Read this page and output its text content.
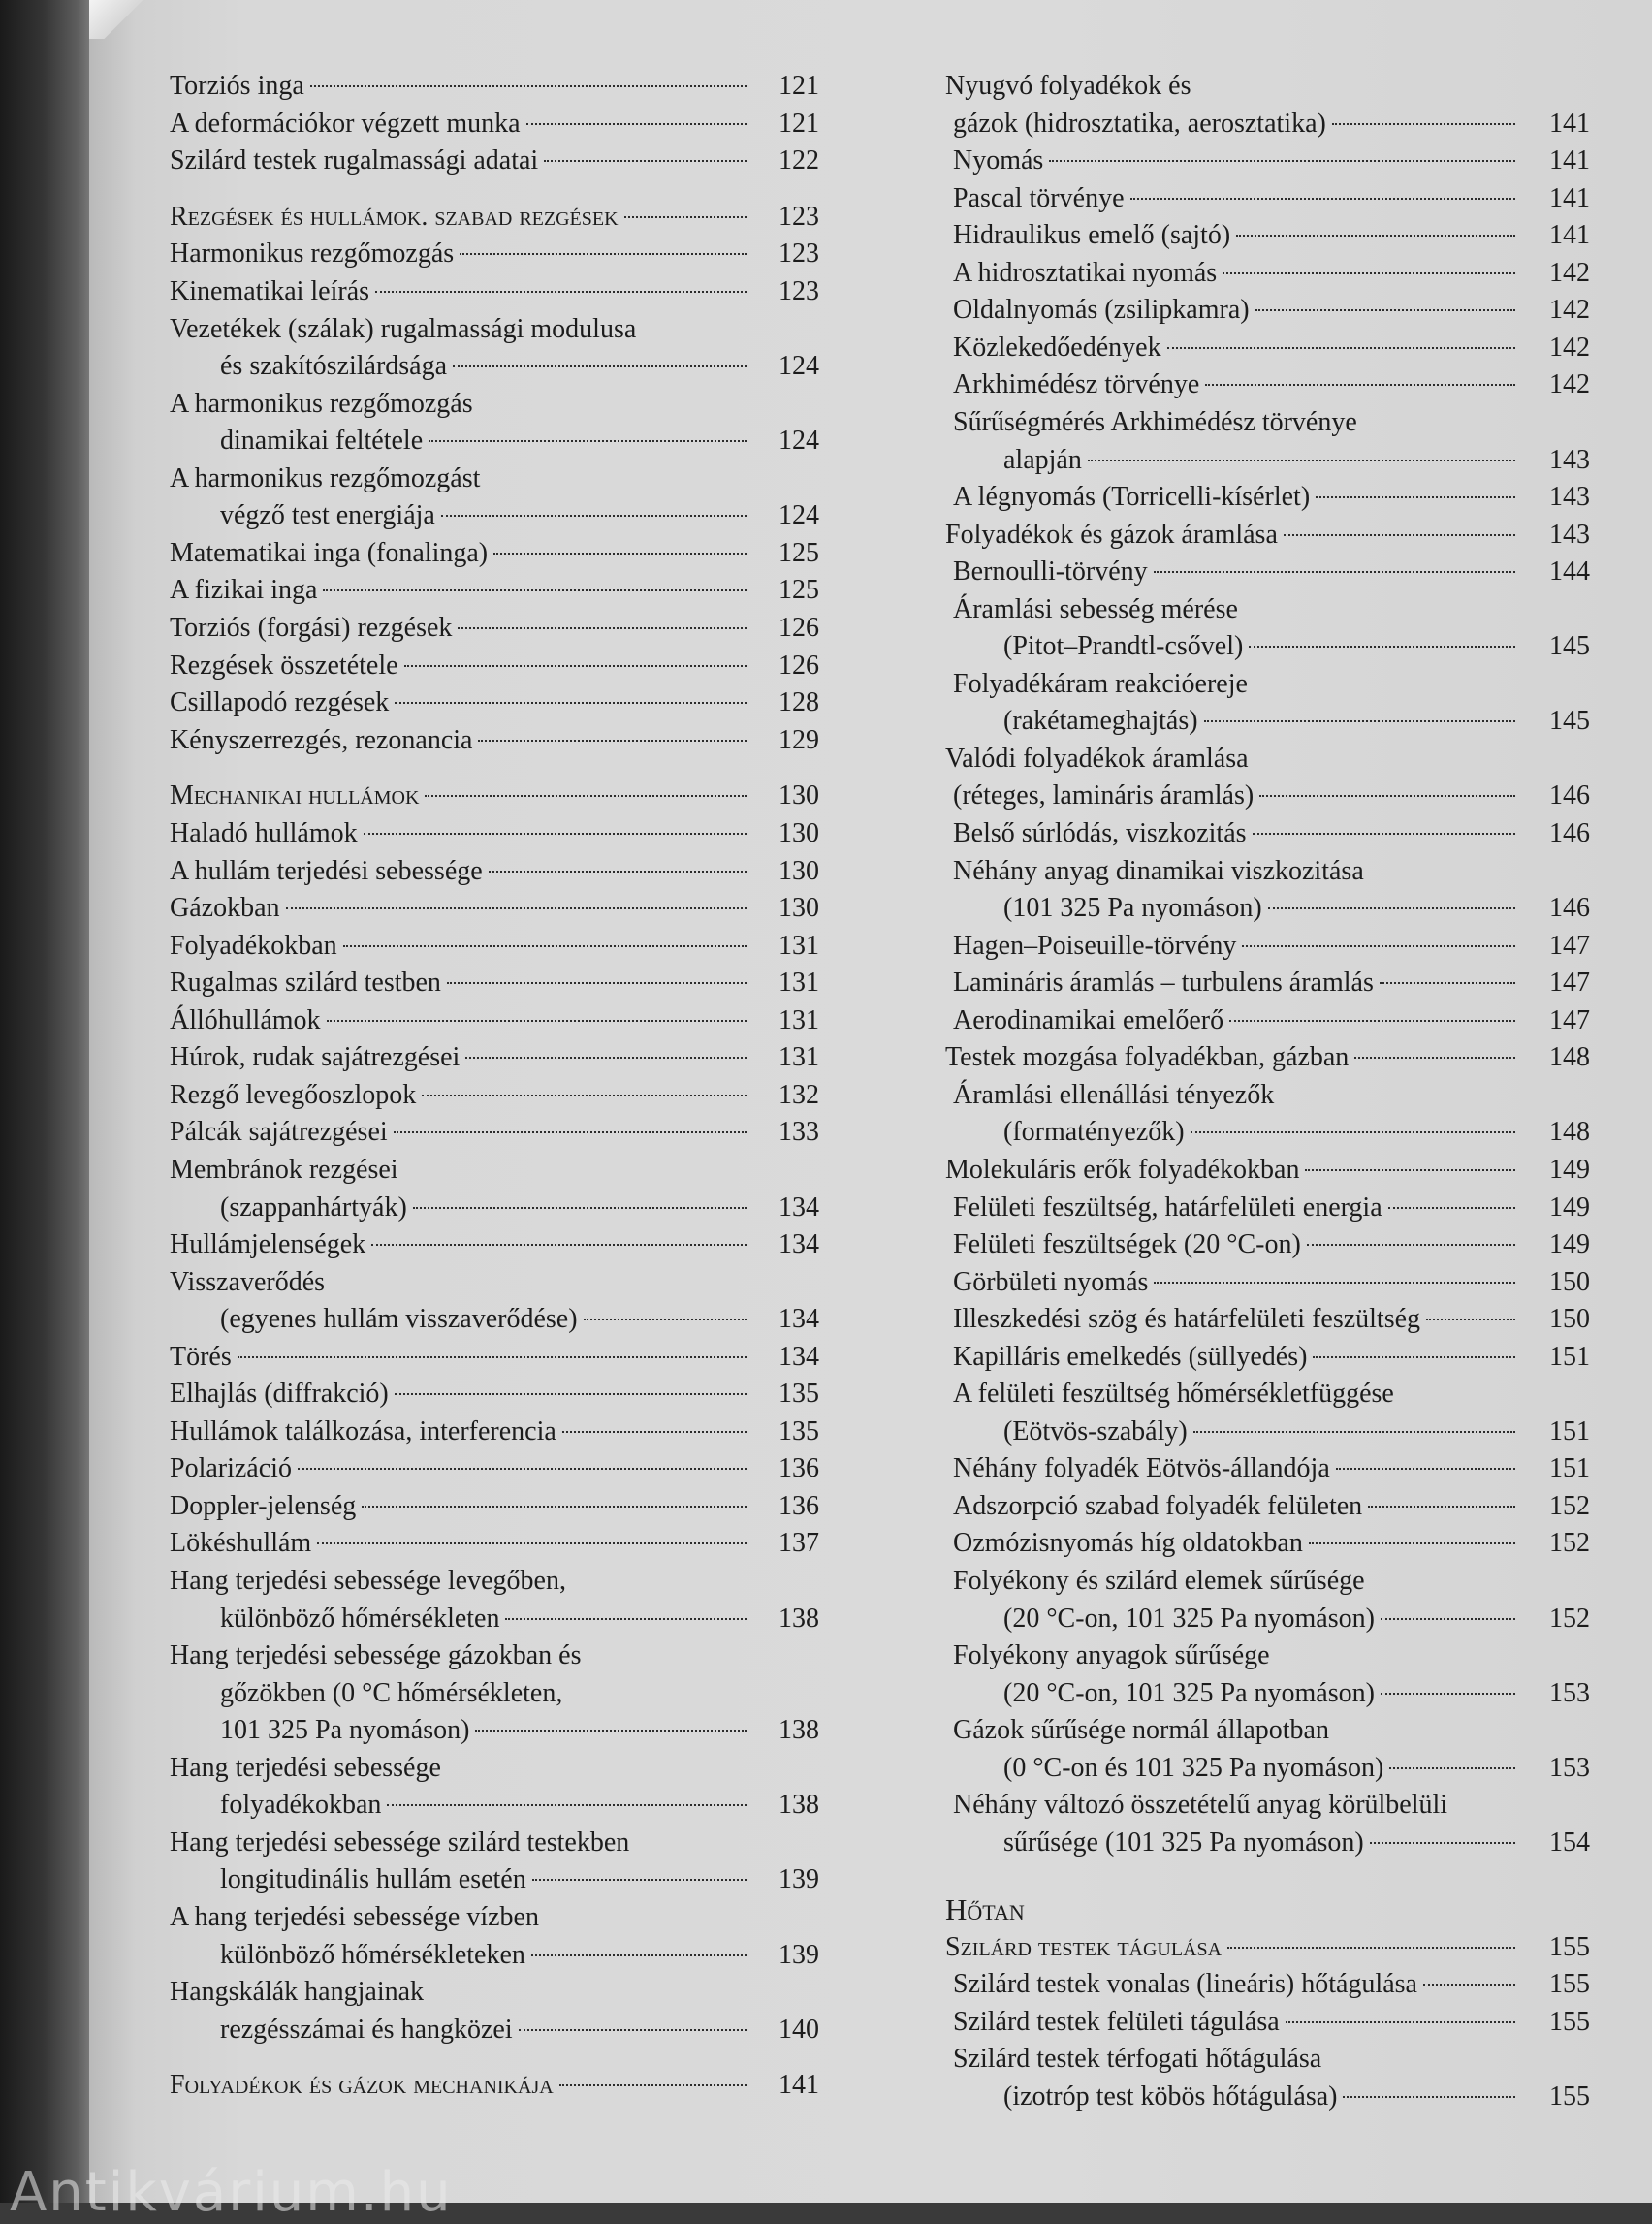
Torziós inga	121
A deformációkor végzett munka	121
Szilárd testek rugalmassági adatai	122
Rezgések és hullámok. szabad rezgések	123
Harmonikus rezgőmozgás	123
Kinematikai leírás	123
Vezetékek (szálak) rugalmassági modulusa
és szakítószilárdsága	124
A harmonikus rezgőmozgás
dinamikai feltétele	124
A harmonikus rezgőmozgást
végző test energiája	124
Matematikai inga (fonalinga)	125
A fizikai inga	125
Torziós (forgási) rezgések	126
Rezgések összetétele	126
Csillapodó rezgések	128
Kényszerrezgés, rezonancia	129
Mechanikai hullámok	130
Haladó hullámok	130
A hullám terjedési sebessége	130
Gázokban	130
Folyadékokban	131
Rugalmas szilárd testben	131
Állóhullámok	131
Húrok, rudak sajátrezgései	131
Rezgő levegőoszlopok	132
Pálcák sajátrezgései	133
Membránok rezgései
(szappanhártyák)	134
Hullámjelenségek	134
Visszaverődés
(egyenes hullám visszaverődése)	134
Törés	134
Elhajlás (diffrakció)	135
Hullámok találkozása, interferencia	135
Polarizáció	136
Doppler-jelenség	136
Lökéshullám	137
Hang terjedési sebessége levegőben,
különböző hőmérsékleten	138
Hang terjedési sebessége gázokban és
gőzökben (0 °C hőmérsékleten,
101 325 Pa nyomáson)	138
Hang terjedési sebessége
folyadékokban	138
Hang terjedési sebessége szilárd testekben
longitudinális hullám esetén	139
A hang terjedési sebessége vízben
különböző hőmérsékleteken	139
Hangskálák hangjainak
rezgésszámai és hangközei	140
Folyadékok és gázok mechanikája	141
Nyugvó folyadékok és
gázok (hidrosztatika, aerosztatika)	141
Nyomás	141
Pascal törvénye	141
Hidraulikus emelő (sajtó)	141
A hidrosztatikai nyomás	142
Oldalnyomás (zsilipkamra)	142
Közlekedőedények	142
Arkhimédész törvénye	142
Sűrűségmérés Arkhimédész törvénye
alapján	143
A légnyomás (Torricelli-kísérlet)	143
Folyadékok és gázok áramlása	143
Bernoulli-törvény	144
Áramlási sebesség mérése
(Pitot–Prandtl-csővel)	145
Folyadékáram reakcióereje
(rakétameghajtás)	145
Valódi folyadékok áramlása
(réteges, lamináris áramlás)	146
Belső súrlódás, viszkozitás	146
Néhány anyag dinamikai viszkozitása
(101 325 Pa nyomáson)	146
Hagen–Poiseuille-törvény	147
Lamináris áramlás – turbulens áramlás	147
Aerodinamikai emelőerő	147
Testek mozgása folyadékban, gázban	148
Áramlási ellenállási tényezők
(formatényezők)	148
Molekuláris erők folyadékokban	149
Felületi feszültség, határfelületi energia	149
Felületi feszültségek (20 °C-on)	149
Görbületi nyomás	150
Illeszkedési szög és határfelületi feszültség	150
Kapilláris emelkedés (süllyedés)	151
A felületi feszültség hőmérsékletfüggése
(Eötvös-szabály)	151
Néhány folyadék Eötvös-állandója	151
Adszorpció szabad folyadék felületen	152
Ozmózisnyomás híg oldatokban	152
Folyékony és szilárd elemek sűrűsége
(20 °C-on, 101 325 Pa nyomáson)	152
Folyékony anyagok sűrűsége
(20 °C-on, 101 325 Pa nyomáson)	153
Gázok sűrűsége normál állapotban
(0 °C-on és 101 325 Pa nyomáson)	153
Néhány változó összetételű anyag körülbelüli
sűrűsége (101 325 Pa nyomáson)	154
Hőtan
Szilárd testek tágulása	155
Szilárd testek vonalas (lineáris) hőtágulása	155
Szilárd testek felületi tágulása	155
Szilárd testek térfogati hőtágulása
(izotróp test köbös hőtágulása)	155
Antikvárium.hu
